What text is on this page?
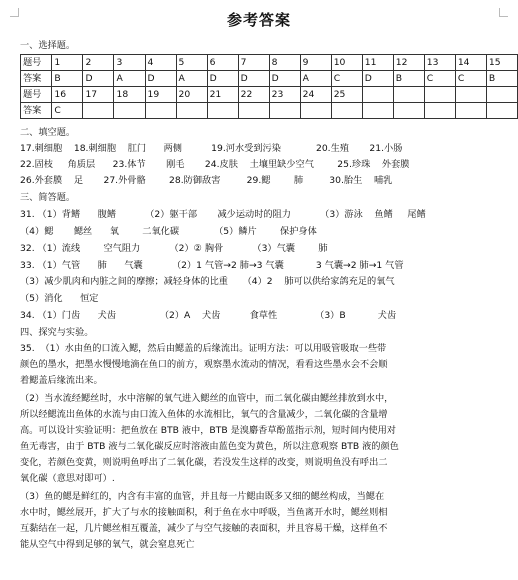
参考答案
一、选择题。
题号	1	2	3	4	5	6	7	8	9	10	11	12	13	14	15
答案	B	D	A	D	A	D	D	D	A	C	D	B	C	C	B
题号	16	17	18	19	20	21	22	23	24	25					
答案	C														
二、填空题。
17.刺细胞    18.刺细胞    肛门      两侧          19.河水受到污染            20.生殖       21.小肠
22.固枝     角质层      23.体节       刚毛       24.皮肤    土壤里缺少空气        25.珍珠    外套膜
26.外套膜    足       27.外骨骼        28.防御敌害         29.鳃        肺         30.胎生    哺乳
三、简答题。
31. （1）背鳍      腹鳍          （2）躯干部       减少运动时的阻力          （3）游泳    鱼鳍     尾鳍
（4）鳃       鳃丝      氧        二氧化碳            （5）鳞片        保护身体
32. （1）流线        空气阻力          （2）② 胸骨          （3）气囊        肺
33. （1）气管      肺      气囊          （2）1 气管→2 肺→3 气囊           3 气囊→2 肺→1 气管
（3）减少肌肉和内脏之间的摩擦；减轻身体的比重     （4）2    肺可以供给家鸽充足的氧气
（5）消化      恒定
34. （1）门齿      犬齿               （2）A    犬齿          食草性             （3）B           犬齿
四、探究与实验。
35.  （1）水由鱼的口流入鳃，然后由鳃盖的后缘流出。证明方法：可以用吸管吸取一些带
颜色的墨水，把墨水慢慢地滴在鱼口的前方，观察墨水流动的情况，看看这些墨水会不会顺
着鳃盖后缘流出来。
（2）当水流经鳃丝时，水中溶解的氧气进入鳃丝的血管中，而二氧化碳由鳃丝排放到水中，
所以经鳃流出鱼体的水流与由口流入鱼体的水流相比，氧气的含量减少，二氧化碳的含量增
高。可以设计实验证明：把鱼放在 BTB 液中，BTB 是溴麝香草酚蓝指示剂，短时间内使用对
鱼无毒害，由于 BTB 液与二氧化碳反应时溶液由蓝色变为黄色，所以注意观察 BTB 液的颜色
变化，若颜色变黄，则说明鱼呼出了二氧化碳，若没发生这样的改变，则说明鱼没有呼出二
氧化碳（意思对即可）.
（3）鱼的鳃是鲜红的，内含有丰富的血管，并且每一片鳃由既多又细的鳃丝构成，当鳃在
水中时，鳃丝展开，扩大了与水的接触面积，利于鱼在水中呼吸，当鱼离开水时，鳃丝则相
互黏结在一起，几片鳃丝相互覆盖，减少了与空气接触的表面积，并且容易干燥，这样鱼不
能从空气中得到足够的氧气，就会窒息死亡
